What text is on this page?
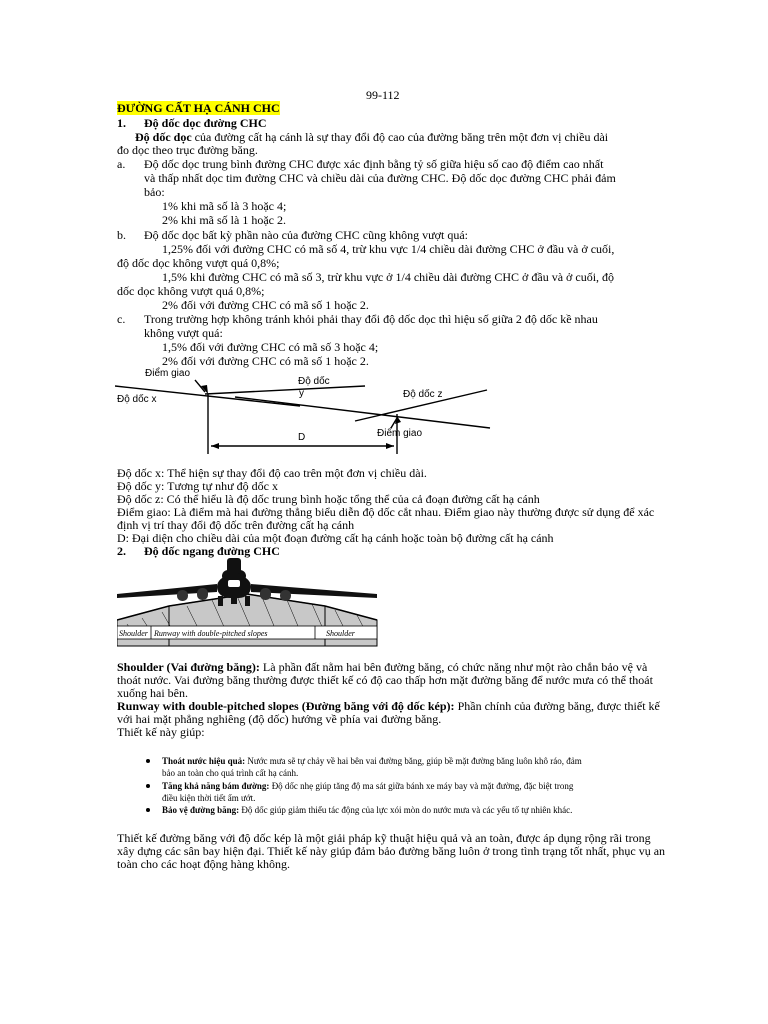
99-112
ĐƯỜNG CẤT HẠ CÁNH CHC
1. Độ dốc dọc đường CHC
Độ dốc dọc của đường cất hạ cánh là sự thay đổi độ cao của đường băng trên một đơn vị chiều dài
đo dọc theo trục đường băng.
a. Độ dốc dọc trung bình đường CHC được xác định bằng tỷ số giữa hiệu số cao độ điểm cao nhất
và thấp nhất dọc tim đường CHC và chiều dài của đường CHC. Độ dốc dọc đường CHC phải đảm
bảo:
1% khi mã số là 3 hoặc 4;
2% khi mã số là 1 hoặc 2.
b. Độ dốc dọc bất kỳ phần nào của đường CHC cũng không vượt quá:
1,25% đối với đường CHC có mã số 4, trừ khu vực 1/4 chiều dài đường CHC ở đầu và ở cuối,
độ dốc dọc không vượt quá 0,8%;
1,5% khi đường CHC có mã số 3, trừ khu vực ở 1/4 chiều dài đường CHC ở đầu và ở cuối, độ
dốc dọc không vượt quá 0,8%;
2% đối với đường CHC có mã số 1 hoặc 2.
c. Trong trường hợp không tránh khỏi phải thay đổi độ dốc dọc thì hiệu số giữa 2 độ dốc kề nhau
không vượt quá:
1,5% đối với đường CHC có mã số 3 hoặc 4;
2% đối với đường CHC có mã số 1 hoặc 2.
Điểm giao
Độ dốc
y
Độ dốc x	Độ dốc z
Điểm giao
D
Độ dốc x: Thể hiện sự thay đổi độ cao trên một đơn vị chiều dài.
Độ dốc y: Tương tự như độ dốc x
Độ dốc z: Có thể hiểu là độ dốc trung bình hoặc tổng thể của cả đoạn đường cất hạ cánh
Điểm giao: Là điểm mà hai đường thẳng biểu diễn độ dốc cắt nhau. Điểm giao này thường được sử dụng để xác
định vị trí thay đổi độ dốc trên đường cất hạ cánh
D: Đại diện cho chiều dài của một đoạn đường cất hạ cánh hoặc toàn bộ đường cất hạ cánh
2. Độ dốc ngang đường CHC
Shoulder Runway with double-pitched slopes	Shoulder
Shoulder (Vai đường băng): Là phần đất nằm hai bên đường băng, có chức năng như một rào chắn bảo vệ và
thoát nước. Vai đường băng thường được thiết kế có độ cao thấp hơn mặt đường băng để nước mưa có thể thoát
xuống hai bên.
Runway with double-pitched slopes (Đường băng với độ dốc kép): Phần chính của đường băng, được thiết kế
với hai mặt phẳng nghiêng (độ dốc) hướng về phía vai đường băng.
Thiết kế này giúp:
Thoát nước hiệu quả: Nước mưa sẽ tự chảy về hai bên vai đường băng, giúp bề mặt đường băng luôn khô ráo, đảm
bảo an toàn cho quá trình cất hạ cánh.
Tăng khả năng bám đường: Độ dốc nhẹ giúp tăng độ ma sát giữa bánh xe máy bay và mặt đường, đặc biệt trong
điều kiện thời tiết ẩm ướt.
Bảo vệ đường băng: Độ dốc giúp giảm thiểu tác động của lực xói mòn do nước mưa và các yếu tố tự nhiên khác.
Thiết kế đường băng với độ dốc kép là một giải pháp kỹ thuật hiệu quả và an toàn, được áp dụng rộng rãi trong
xây dựng các sân bay hiện đại. Thiết kế này giúp đảm bảo đường băng luôn ở trong tình trạng tốt nhất, phục vụ an
toàn cho các hoạt động hàng không.
